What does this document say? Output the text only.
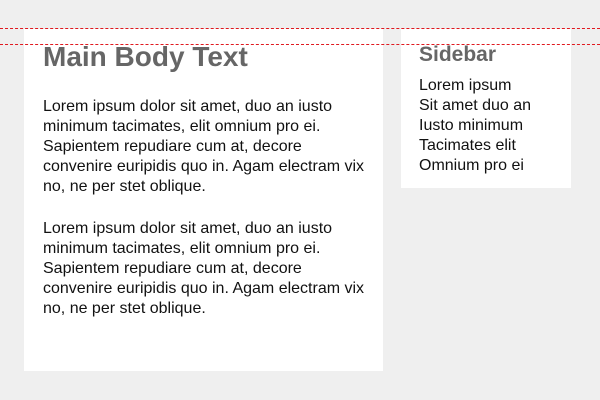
Main Body Text

Lorem ipsum dolor sit amet, duo an iusto minimum tacimates, elit omnium pro ei. Sapientem repudiare cum at, decore convenire euripidis quo in. Agam electram vix no, ne per stet oblique.

Lorem ipsum dolor sit amet, duo an iusto minimum tacimates, elit omnium pro ei. Sapientem repudiare cum at, decore convenire euripidis quo in. Agam electram vix no, ne per stet oblique.

Sidebar
Lorem ipsum
Sit amet duo an
Iusto minimum
Tacimates elit
Omnium pro ei
